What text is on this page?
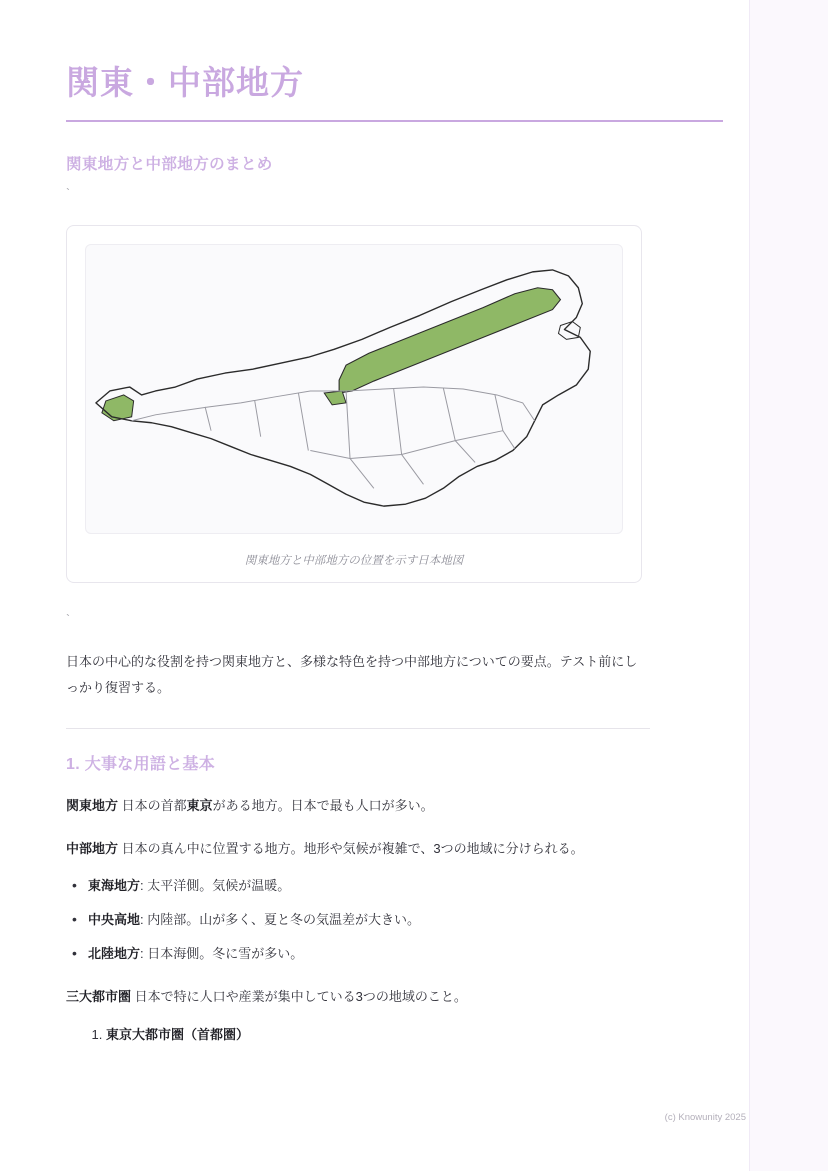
関東・中部地方
関東地方と中部地方のまとめ
`
関東地方と中部地方の位置を示す日本地図
`

日本の中心的な役割を持つ関東地方と、多様な特色を持つ中部地方についての要点。テスト前にしっかり復習する。

1. 大事な用語と基本

関東地方 日本の首都東京がある地方。日本で最も人口が多い。

中部地方 日本の真ん中に位置する地方。地形や気候が複雑で、3つの地域に分けられる。

• 東海地方: 太平洋側。気候が温暖。
• 中央高地: 内陸部。山が多く、夏と冬の気温差が大きい。
• 北陸地方: 日本海側。冬に雪が多い。

三大都市圏 日本で特に人口や産業が集中している3つの地域のこと。

1. 東京大都市圏（首都圏）
(c) Knowunity 2025
